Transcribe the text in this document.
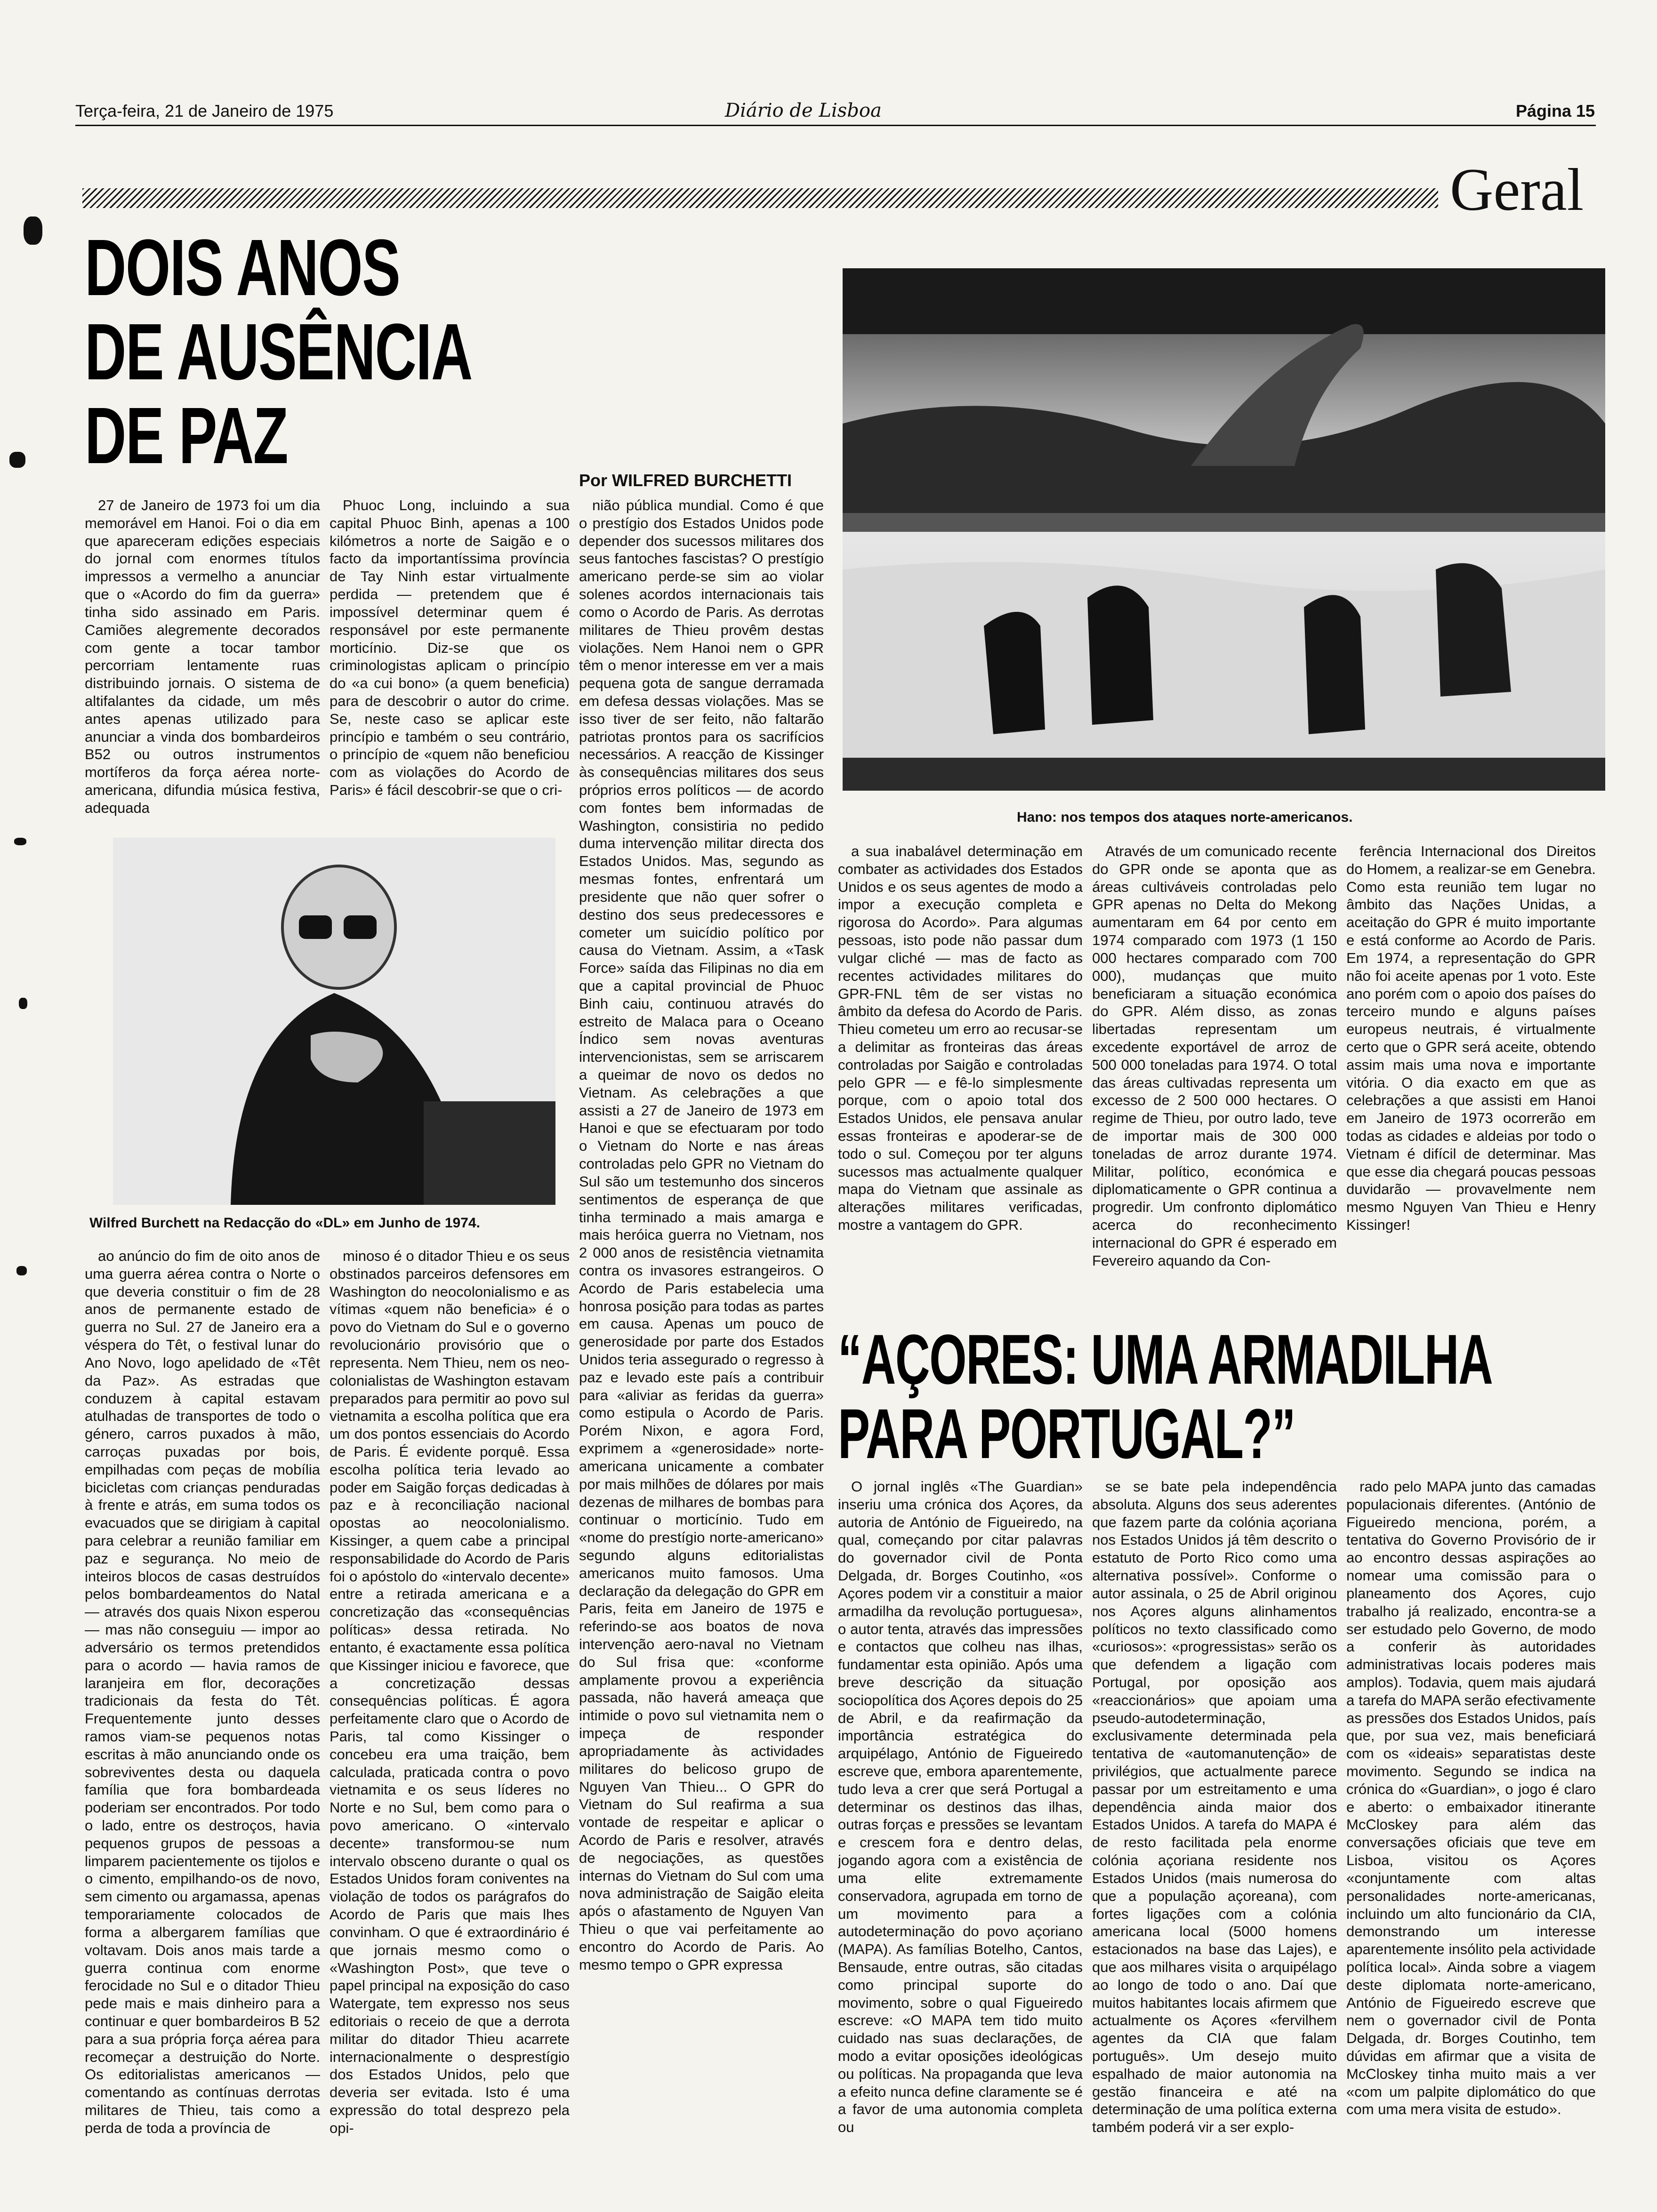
Terça-feira, 21 de Janeiro de 1975	Diário de Lisboa	Página 15
Geral
DOIS ANOS
DE AUSÊNCIA
DE PAZ	Por WILFRED BURCHETTI
Hano: nos tempos dos ataques norte-americanos.
Wilfred Burchett na Redacção do «DL» em Junho de 1974.

27 de Janeiro de 1973 foi um dia memorável em Hanoi. Foi o dia em que apareceram edições especiais do jornal com enormes títulos impressos a vermelho a anunciar que o «Acordo do fim da guerra» tinha sido assinado em Paris. Camiões alegremente decorados com gente a tocar tambor percorriam lentamente ruas distribuindo jornais. O sistema de altifalantes da cidade, um mês antes apenas utilizado para anunciar a vinda dos bombardeiros B52 ou outros instrumentos mortíferos da força aérea norte-americana, difundia música festiva, adequada

Phuoc Long, incluindo a sua capital Phuoc Binh, apenas a 100 kilómetros a norte de Saigão e o facto da importantíssima província de Tay Ninh estar virtualmente perdida — pretendem que é impossível determinar quem é responsável por este permanente morticínio. Diz-se que os criminologistas aplicam o princípio do «a cui bono» (a quem beneficia) para de descobrir o autor do crime. Se, neste caso se aplicar este princípio e também o seu contrário, o princípio de «quem não beneficiou com as violações do Acordo de Paris» é fácil descobrir-se que o cri-

nião pública mundial. Como é que o prestígio dos Estados Unidos pode depender dos sucessos militares dos seus fantoches fascistas? O prestígio americano perde-se sim ao violar solenes acordos internacionais tais como o Acordo de Paris. As derrotas militares de Thieu provêm destas violações. Nem Hanoi nem o GPR têm o menor interesse em ver a mais pequena gota de sangue derramada em defesa dessas violações. Mas se isso tiver de ser feito, não faltarão patriotas prontos para os sacrifícios necessários. A reacção de Kissinger às consequências militares dos seus próprios erros políticos — de acordo com fontes bem informadas de Washington, consistiria no pedido duma intervenção militar directa dos Estados Unidos. Mas, segundo as mesmas fontes, enfrentará um presidente que não quer sofrer o destino dos seus predecessores e cometer um suicídio político por causa do Vietnam. Assim, a «Task Force» saída das Filipinas no dia em que a capital provincial de Phuoc Binh caiu, continuou através do estreito de Malaca para o Oceano Índico sem novas aventuras intervencionistas, sem se arriscarem a queimar de novo os dedos no Vietnam. As celebrações a que assisti a 27 de Janeiro de 1973 em Hanoi e que se efectuaram por todo o Vietnam do Norte e nas áreas controladas pelo GPR no Vietnam do Sul são um testemunho dos sinceros sentimentos de esperança de que tinha terminado a mais amarga e mais heróica guerra no Vietnam, nos 2 000 anos de resistência vietnamita contra os invasores estrangeiros. O Acordo de Paris estabelecia uma honrosa posição para todas as partes em causa. Apenas um pouco de generosidade por parte dos Estados Unidos teria assegurado o regresso à paz e levado este país a contribuir para «aliviar as feridas da guerra» como estipula o Acordo de Paris. Porém Nixon, e agora Ford, exprimem a «generosidade» norte-americana unicamente a combater por mais milhões de dólares por mais dezenas de milhares de bombas para continuar o morticínio. Tudo em «nome do prestígio norte-americano» segundo alguns editorialistas americanos muito famosos. Uma declaração da delegação do GPR em Paris, feita em Janeiro de 1975 e referindo-se aos boatos de nova intervenção aero-naval no Vietnam do Sul frisa que: «conforme amplamente provou a experiência passada, não haverá ameaça que intimide o povo sul vietnamita nem o impeça de responder apropriadamente às actividades militares do belicoso grupo de Nguyen Van Thieu... O GPR do Vietnam do Sul reafirma a sua vontade de respeitar e aplicar o Acordo de Paris e resolver, através de negociações, as questões internas do Vietnam do Sul com uma nova administração de Saigão eleita após o afastamento de Nguyen Van Thieu o que vai perfeitamente ao encontro do Acordo de Paris. Ao mesmo tempo o GPR expressa

ao anúncio do fim de oito anos de uma guerra aérea contra o Norte o que deveria constituir o fim de 28 anos de permanente estado de guerra no Sul. 27 de Janeiro era a véspera do Têt, o festival lunar do Ano Novo, logo apelidado de «Têt da Paz». As estradas que conduzem à capital estavam atulhadas de transportes de todo o género, carros puxados à mão, carroças puxadas por bois, empilhadas com peças de mobília bicicletas com crianças penduradas à frente e atrás, em suma todos os evacuados que se dirigiam à capital para celebrar a reunião familiar em paz e segurança. No meio de inteiros blocos de casas destruídos pelos bombardeamentos do Natal — através dos quais Nixon esperou — mas não conseguiu — impor ao adversário os termos pretendidos para o acordo — havia ramos de laranjeira em flor, decorações tradicionais da festa do Têt. Frequentemente junto desses ramos viam-se pequenos notas escritas à mão anunciando onde os sobreviventes desta ou daquela família que fora bombardeada poderiam ser encontrados. Por todo o lado, entre os destroços, havia pequenos grupos de pessoas a limparem pacientemente os tijolos e o cimento, empilhando-os de novo, sem cimento ou argamassa, apenas temporariamente colocados de forma a albergarem famílias que voltavam. Dois anos mais tarde a guerra continua com enorme ferocidade no Sul e o ditador Thieu pede mais e mais dinheiro para a continuar e quer bombardeiros B 52 para a sua própria força aérea para recomeçar a destruição do Norte. Os editorialistas americanos — comentando as contínuas derrotas militares de Thieu, tais como a perda de toda a província de

minoso é o ditador Thieu e os seus obstinados parceiros defensores em Washington do neocolonialismo e as vítimas «quem não beneficia» é o povo do Vietnam do Sul e o governo revolucionário provisório que o representa. Nem Thieu, nem os neo-colonialistas de Washington estavam preparados para permitir ao povo sul vietnamita a escolha política que era um dos pontos essenciais do Acordo de Paris. É evidente porquê. Essa escolha política teria levado ao poder em Saigão forças dedicadas à paz e à reconciliação nacional opostas ao neocolonialismo. Kissinger, a quem cabe a principal responsabilidade do Acordo de Paris foi o apóstolo do «intervalo decente» entre a retirada americana e a concretização das «consequências políticas» dessa retirada. No entanto, é exactamente essa política que Kissinger iniciou e favorece, que a concretização dessas consequências políticas. É agora perfeitamente claro que o Acordo de Paris, tal como Kissinger o concebeu era uma traição, bem calculada, praticada contra o povo vietnamita e os seus líderes no Norte e no Sul, bem como para o povo americano. O «intervalo decente» transformou-se num intervalo obsceno durante o qual os Estados Unidos foram coniventes na violação de todos os parágrafos do Acordo de Paris que mais lhes convinham. O que é extraordinário é que jornais mesmo como o «Washington Post», que teve o papel principal na exposição do caso Watergate, tem expresso nos seus editoriais o receio de que a derrota militar do ditador Thieu acarrete internacionalmente o desprestígio dos Estados Unidos, pelo que deveria ser evitada. Isto é uma expressão do total desprezo pela opi-

a sua inabalável determinação em combater as actividades dos Estados Unidos e os seus agentes de modo a impor a execução completa e rigorosa do Acordo». Para algumas pessoas, isto pode não passar dum vulgar cliché — mas de facto as recentes actividades militares do GPR-FNL têm de ser vistas no âmbito da defesa do Acordo de Paris. Thieu cometeu um erro ao recusar-se a delimitar as fronteiras das áreas controladas por Saigão e controladas pelo GPR — e fê-lo simplesmente porque, com o apoio total dos Estados Unidos, ele pensava anular essas fronteiras e apoderar-se de todo o sul. Começou por ter alguns sucessos mas actualmente qualquer mapa do Vietnam que assinale as alterações militares verificadas, mostre a vantagem do GPR.

Através de um comunicado recente do GPR onde se aponta que as áreas cultiváveis controladas pelo GPR apenas no Delta do Mekong aumentaram em 64 por cento em 1974 comparado com 1973 (1 150 000 hectares comparado com 700 000), mudanças que muito beneficiaram a situação económica do GPR. Além disso, as zonas libertadas representam um excedente exportável de arroz de 500 000 toneladas para 1974. O total das áreas cultivadas representa um excesso de 2 500 000 hectares. O regime de Thieu, por outro lado, teve de importar mais de 300 000 toneladas de arroz durante 1974. Militar, político, económica e diplomaticamente o GPR continua a progredir. Um confronto diplomático acerca do reconhecimento internacional do GPR é esperado em Fevereiro aquando da Con-

ferência Internacional dos Direitos do Homem, a realizar-se em Genebra. Como esta reunião tem lugar no âmbito das Nações Unidas, a aceitação do GPR é muito importante e está conforme ao Acordo de Paris. Em 1974, a representação do GPR não foi aceite apenas por 1 voto. Este ano porém com o apoio dos países do terceiro mundo e alguns países europeus neutrais, é virtualmente certo que o GPR será aceite, obtendo assim mais uma nova e importante vitória. O dia exacto em que as celebrações a que assisti em Hanoi em Janeiro de 1973 ocorrerão em todas as cidades e aldeias por todo o Vietnam é difícil de determinar. Mas que esse dia chegará poucas pessoas duvidarão — provavelmente nem mesmo Nguyen Van Thieu e Henry Kissinger!

“AÇORES: UMA ARMADILHA
PARA PORTUGAL?”

O jornal inglês «The Guardian» inseriu uma crónica dos Açores, da autoria de António de Figueiredo, na qual, começando por citar palavras do governador civil de Ponta Delgada, dr. Borges Coutinho, «os Açores podem vir a constituir a maior armadilha da revolução portuguesa», o autor tenta, através das impressões e contactos que colheu nas ilhas, fundamentar esta opinião. Após uma breve descrição da situação sociopolítica dos Açores depois do 25 de Abril, e da reafirmação da importância estratégica do arquipélago, António de Figueiredo escreve que, embora aparentemente, tudo leva a crer que será Portugal a determinar os destinos das ilhas, outras forças e pressões se levantam e crescem fora e dentro delas, jogando agora com a existência de uma elite extremamente conservadora, agrupada em torno de um movimento para a autodeterminação do povo açoriano (MAPA). As famílias Botelho, Cantos, Bensaude, entre outras, são citadas como principal suporte do movimento, sobre o qual Figueiredo escreve: «O MAPA tem tido muito cuidado nas suas declarações, de modo a evitar oposições ideológicas ou políticas. Na propaganda que leva a efeito nunca define claramente se é a favor de uma autonomia completa ou

se se bate pela independência absoluta. Alguns dos seus aderentes que fazem parte da colónia açoriana nos Estados Unidos já têm descrito o estatuto de Porto Rico como uma alternativa possível». Conforme o autor assinala, o 25 de Abril originou nos Açores alguns alinhamentos políticos no texto classificado como «curiosos»: «progressistas» serão os que defendem a ligação com Portugal, por oposição aos «reaccionários» que apoiam uma pseudo-autodeterminação, exclusivamente determinada pela tentativa de «automanutenção» de privilégios, que actualmente parece passar por um estreitamento e uma dependência ainda maior dos Estados Unidos. A tarefa do MAPA é de resto facilitada pela enorme colónia açoriana residente nos Estados Unidos (mais numerosa do que a população açoreana), com fortes ligações com a colónia americana local (5000 homens estacionados na base das Lajes), e que aos milhares visita o arquipélago ao longo de todo o ano. Daí que muitos habitantes locais afirmem que actualmente os Açores «fervilhem agentes da CIA que falam português». Um desejo muito espalhado de maior autonomia na gestão financeira e até na determinação de uma política externa também poderá vir a ser explo-

rado pelo MAPA junto das camadas populacionais diferentes. (António de Figueiredo menciona, porém, a tentativa do Governo Provisório de ir ao encontro dessas aspirações ao nomear uma comissão para o planeamento dos Açores, cujo trabalho já realizado, encontra-se a ser estudado pelo Governo, de modo a conferir às autoridades administrativas locais poderes mais amplos). Todavia, quem mais ajudará a tarefa do MAPA serão efectivamente as pressões dos Estados Unidos, país que, por sua vez, mais beneficiará com os «ideais» separatistas deste movimento. Segundo se indica na crónica do «Guardian», o jogo é claro e aberto: o embaixador itinerante McCloskey para além das conversações oficiais que teve em Lisboa, visitou os Açores «conjuntamente com altas personalidades norte-americanas, incluindo um alto funcionário da CIA, demonstrando um interesse aparentemente insólito pela actividade política local». Ainda sobre a viagem deste diplomata norte-americano, António de Figueiredo escreve que nem o governador civil de Ponta Delgada, dr. Borges Coutinho, tem dúvidas em afirmar que a visita de McCloskey tinha muito mais a ver «com um palpite diplomático do que com uma mera visita de estudo».
